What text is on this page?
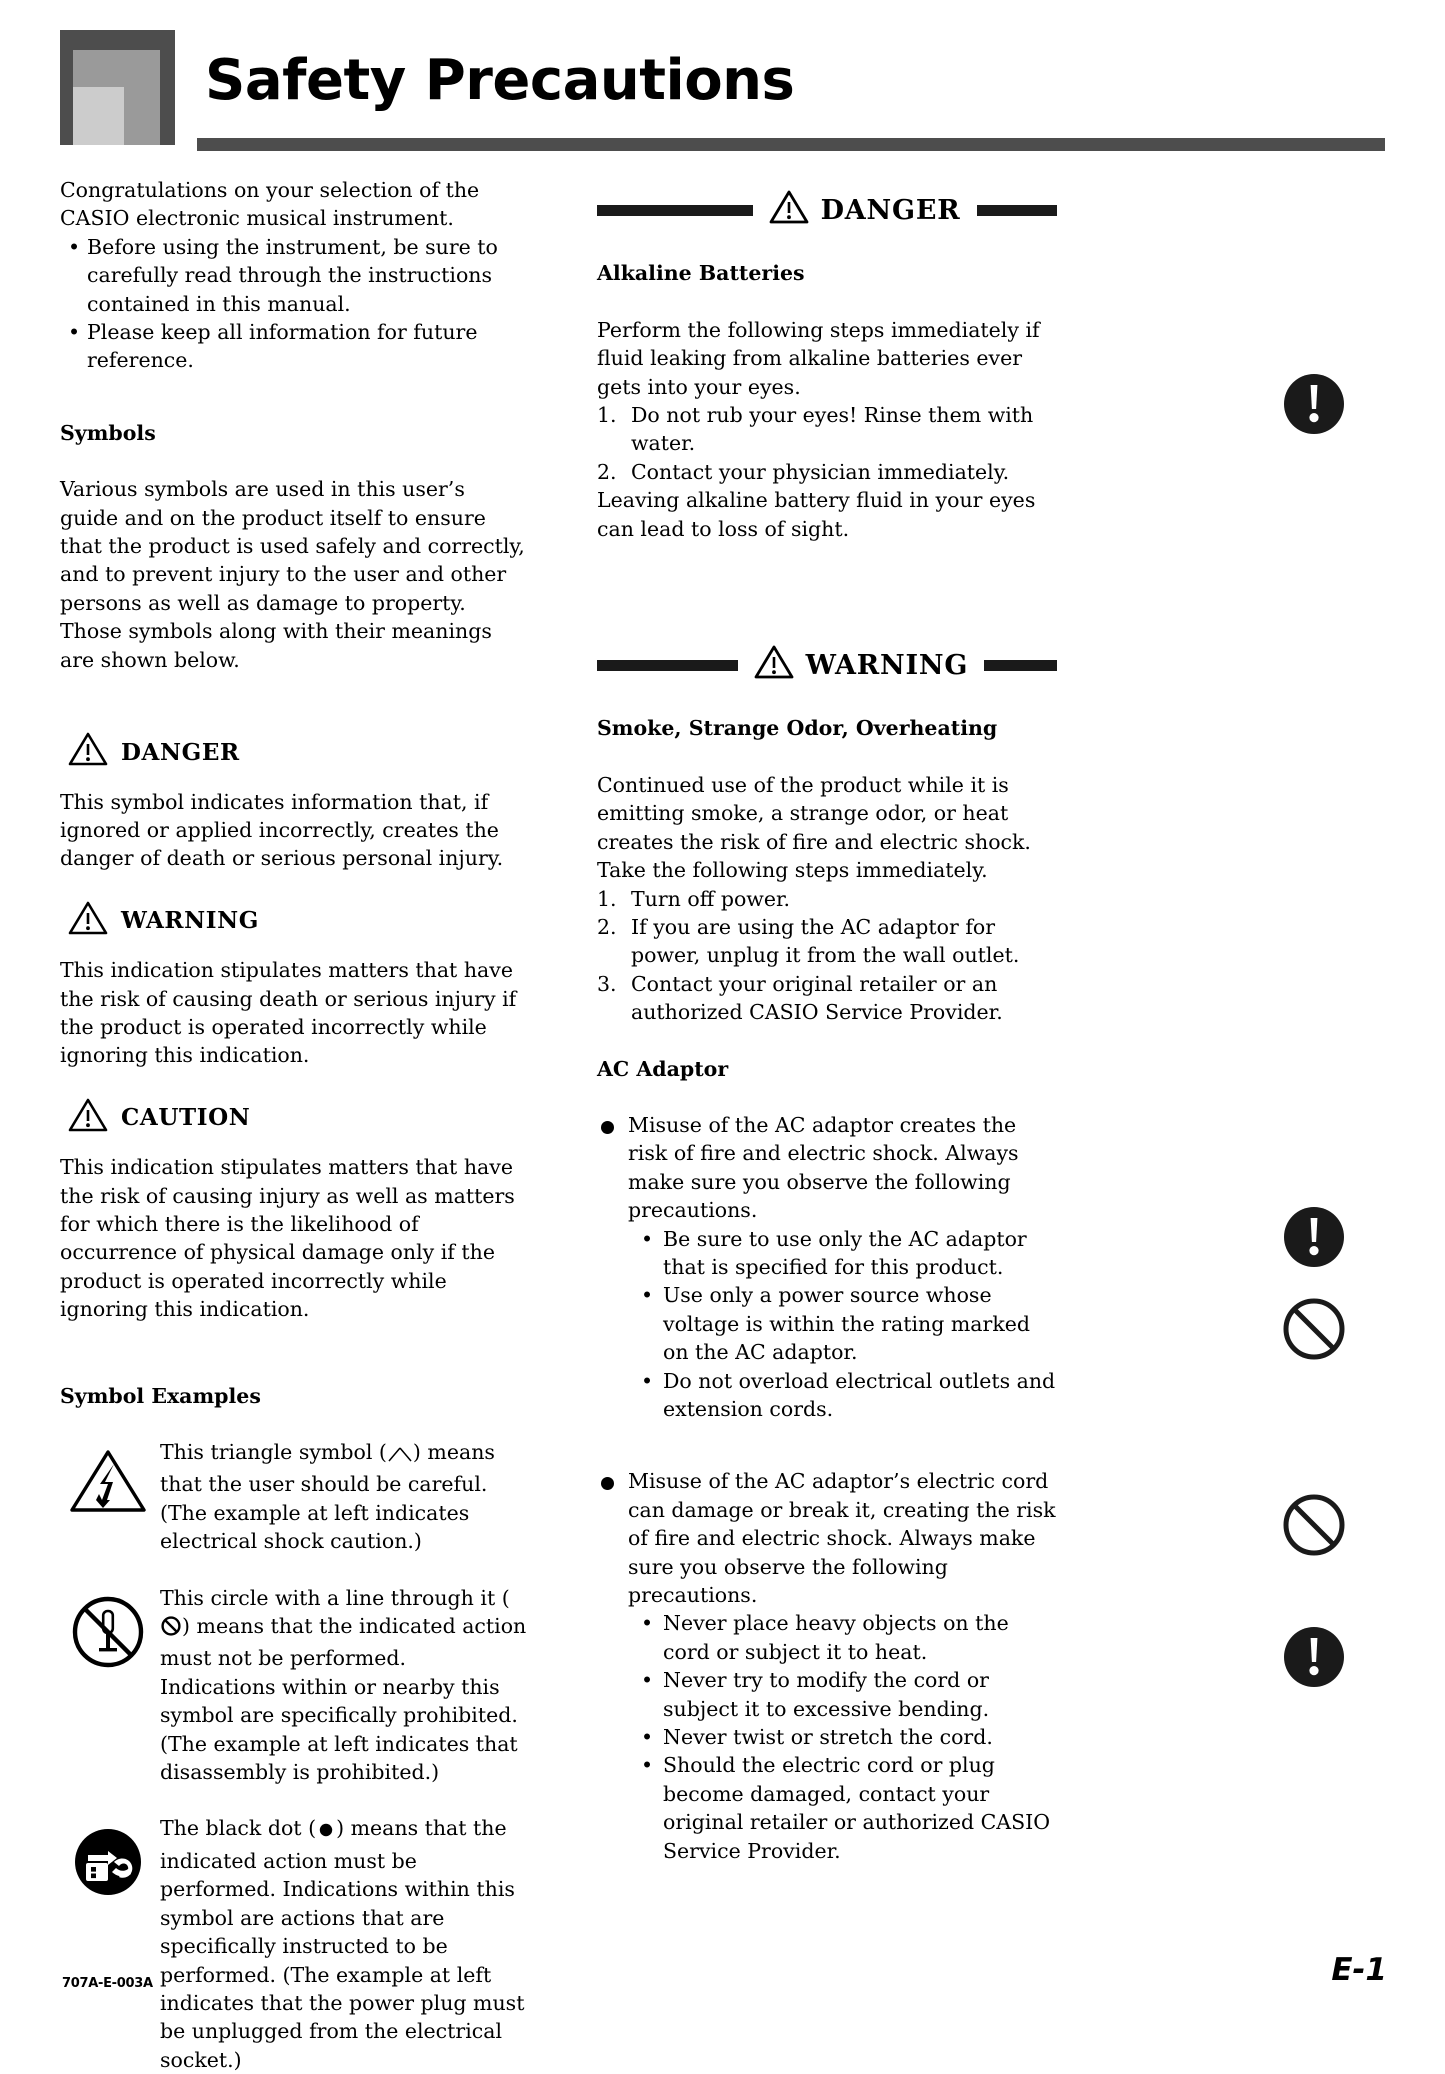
Safety Precautions

Congratulations on your selection of the CASIO electronic musical instrument.

• Before using the instrument, be sure to carefully read through the instructions contained in this manual.
• Please keep all information for future reference.
Symbols

Various symbols are used in this user’s guide and on the product itself to ensure that the product is used safely and correctly, and to prevent injury to the user and other persons as well as damage to property. Those symbols along with their meanings are shown below.

DANGER

This symbol indicates information that, if ignored or applied incorrectly, creates the danger of death or serious personal injury.

WARNING

This indication stipulates matters that have the risk of causing death or serious injury if the product is operated incorrectly while ignoring this indication.

CAUTION

This indication stipulates matters that have the risk of causing injury as well as matters for which there is the likelihood of occurrence of physical damage only if the product is operated incorrectly while ignoring this indication.

Symbol Examples
This triangle symbol ( ) means that the user should be careful. (The example at left indicates electrical shock caution.)
This circle with a line through it () means that the indicated action must not be performed. Indications within or nearby this symbol are specifically prohibited. (The example at left indicates that disassembly is prohibited.)
The black dot ( ) means that the indicated action must be performed. Indications within this symbol are actions that are specifically instructed to be performed. (The example at left indicates that the power plug must be unplugged from the electrical socket.)
DANGER
Alkaline Batteries

Perform the following steps immediately if fluid leaking from alkaline batteries ever gets into your eyes.

Do not rub your eyes! Rinse them with water.
Contact your physician immediately.

Leaving alkaline battery fluid in your eyes can lead to loss of sight.

WARNING
Smoke, Strange Odor, Overheating

Continued use of the product while it is emitting smoke, a strange odor, or heat creates the risk of fire and electric shock. Take the following steps immediately.

Turn off power.
If you are using the AC adaptor for power, unplug it from the wall outlet.
Contact your original retailer or an authorized CASIO Service Provider.
AC Adaptor
Misuse of the AC adaptor creates the risk of fire and electric shock. Always make sure you observe the following precautions.
• Be sure to use only the AC adaptor that is specified for this product.
• Use only a power source whose voltage is within the rating marked on the AC adaptor.
• Do not overload electrical outlets and extension cords.
Misuse of the AC adaptor’s electric cord can damage or break it, creating the risk of fire and electric shock. Always make sure you observe the following precautions.
• Never place heavy objects on the cord or subject it to heat.
• Never try to modify the cord or subject it to excessive bending.
• Never twist or stretch the cord.
• Should the electric cord or plug become damaged, contact your original retailer or authorized CASIO Service Provider.
707A-E-003A	E-1
